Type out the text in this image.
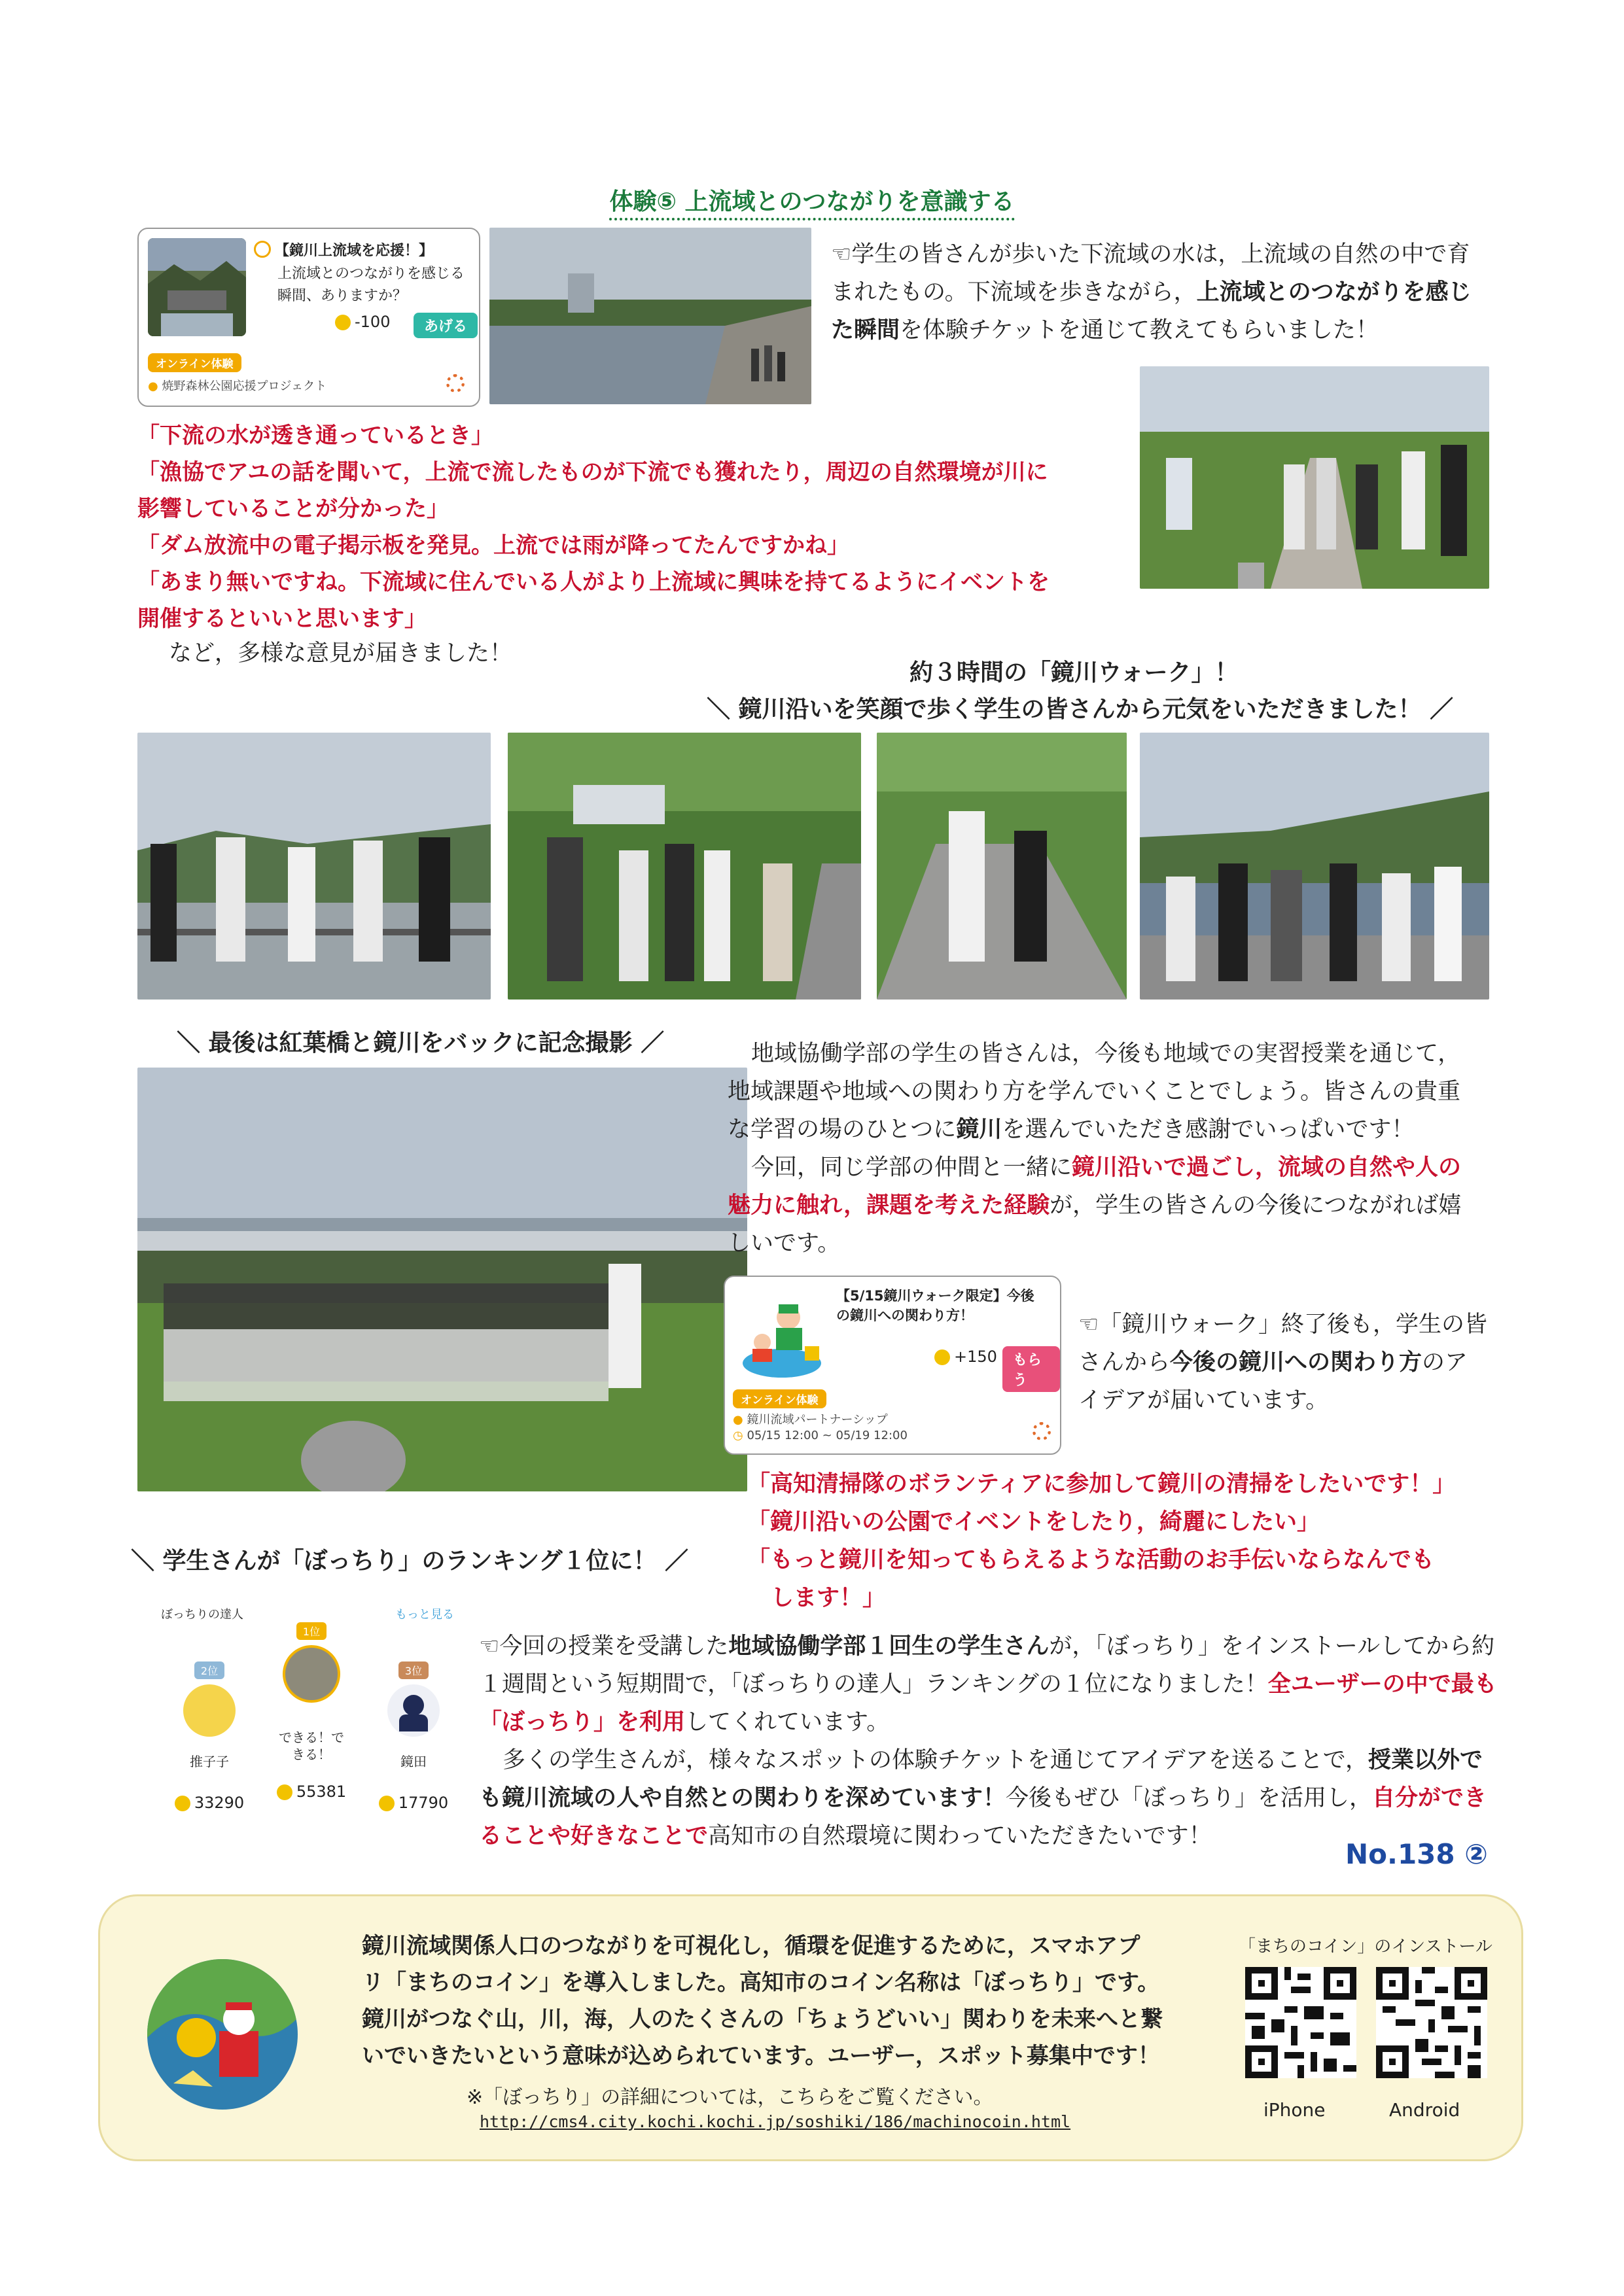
体験⑤ 上流域とのつながりを意識する
【鏡川上流域を応援！】
上流域とのつながりを感じる瞬間、ありますか？
-100	あげる
オンライン体験
● 焼野森林公園応援プロジェクト
☜学生の皆さんが歩いた下流域の水は，上流域の自然の中で育
まれたもの。下流域を歩きながら，上流域とのつながりを感じ
た瞬間を体験チケットを通じて教えてもらいました！
「下流の水が透き通っているとき」
「漁協でアユの話を聞いて，上流で流したものが下流でも獲れたり，周辺の自然環境が川に
影響していることが分かった」
「ダム放流中の電子掲示板を発見。上流では雨が降ってたんですかね」
「あまり無いですね。下流域に住んでいる人がより上流域に興味を持てるようにイベントを
開催するといいと思います」
など，多様な意見が届きました！
約３時間の「鏡川ウォーク」！
＼ 鏡川沿いを笑顔で歩く学生の皆さんから元気をいただきました！ ／
＼ 最後は紅葉橋と鏡川をバックに記念撮影 ／	地域協働学部の学生の皆さんは，今後も地域での実習授業を通じて，
地域課題や地域への関わり方を学んでいくことでしょう。皆さんの貴重
な学習の場のひとつに鏡川を選んでいただき感謝でいっぱいです！
今回，同じ学部の仲間と一緒に鏡川沿いで過ごし，流域の自然や人の
魅力に触れ，課題を考えた経験が，学生の皆さんの今後につながれば嬉
しいです。
【5/15鏡川ウォーク限定】今後の鏡川への関わり方！
+150	もらう
オンライン体験
● 鏡川流域パートナーシップ
◷ 05/15 12:00 ~ 05/19 12:00
☜「鏡川ウォーク」終了後も，学生の皆
さんから今後の鏡川への関わり方のア
イデアが届いています。
「高知清掃隊のボランティアに参加して鏡川の清掃をしたいです！」
「鏡川沿いの公園でイベントをしたり，綺麗にしたい」
「もっと鏡川を知ってもらえるような活動のお手伝いならなんでも
します！」
＼ 学生さんが「ぼっちり」のランキング１位に！ ／
ぼっちりの達人	もっと見る
2位
推子子
33290
1位
できる！できる！
55381
3位
鏡田
17790
☜今回の授業を受講した地域協働学部１回生の学生さんが，「ぼっちり」をインストールしてから約
１週間という短期間で，「ぼっちりの達人」ランキングの１位になりました！全ユーザーの中で最も
「ぼっちり」を利用してくれています。
多くの学生さんが，様々なスポットの体験チケットを通じてアイデアを送ることで，授業以外で
も鏡川流域の人や自然との関わりを深めています！今後もぜひ「ぼっちり」を活用し，自分ができ
ることや好きなことで高知市の自然環境に関わっていただきたいです！
No.138 ②
鏡川流域関係人口のつながりを可視化し，循環を促進するために，スマホアプ
リ「まちのコイン」を導入しました。高知市のコイン名称は「ぼっちり」です。
鏡川がつなぐ山，川，海，人のたくさんの「ちょうどいい」関わりを未来へと繋
いでいきたいという意味が込められています。ユーザー，スポット募集中です！
※「ぼっちり」の詳細については，こちらをご覧ください。
http://cms4.city.kochi.kochi.jp/soshiki/186/machinocoin.html
「まちのコイン」のインストール
iPhone	Android
